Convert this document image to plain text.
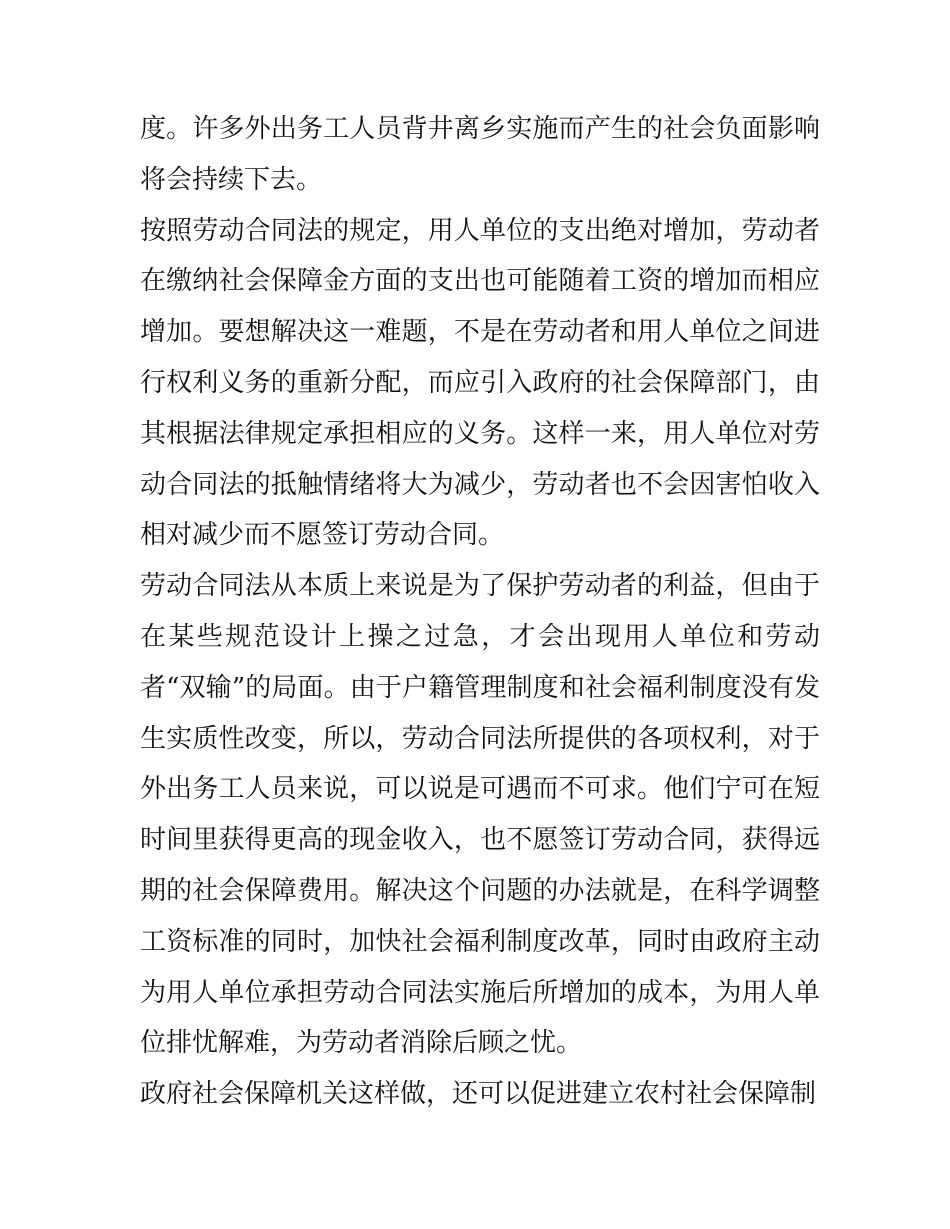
度。许多外出务工人员背井离乡实施而产生的社会负面影响将会持续下去。

按照劳动合同法的规定，用人单位的支出绝对增加，劳动者在缴纳社会保障金方面的支出也可能随着工资的增加而相应增加。要想解决这一难题，不是在劳动者和用人单位之间进行权利义务的重新分配，而应引入政府的社会保障部门，由其根据法律规定承担相应的义务。这样一来，用人单位对劳动合同法的抵触情绪将大为减少，劳动者也不会因害怕收入相对减少而不愿签订劳动合同。

劳动合同法从本质上来说是为了保护劳动者的利益，但由于在某些规范设计上操之过急，才会出现用人单位和劳动者“双输”的局面。由于户籍管理制度和社会福利制度没有发生实质性改变，所以，劳动合同法所提供的各项权利，对于外出务工人员来说，可以说是可遇而不可求。他们宁可在短时间里获得更高的现金收入，也不愿签订劳动合同，获得远期的社会保障费用。解决这个问题的办法就是，在科学调整工资标准的同时，加快社会福利制度改革，同时由政府主动为用人单位承担劳动合同法实施后所增加的成本，为用人单位排忧解难，为劳动者消除后顾之忧。

政府社会保障机关这样做，还可以促进建立农村社会保障制
